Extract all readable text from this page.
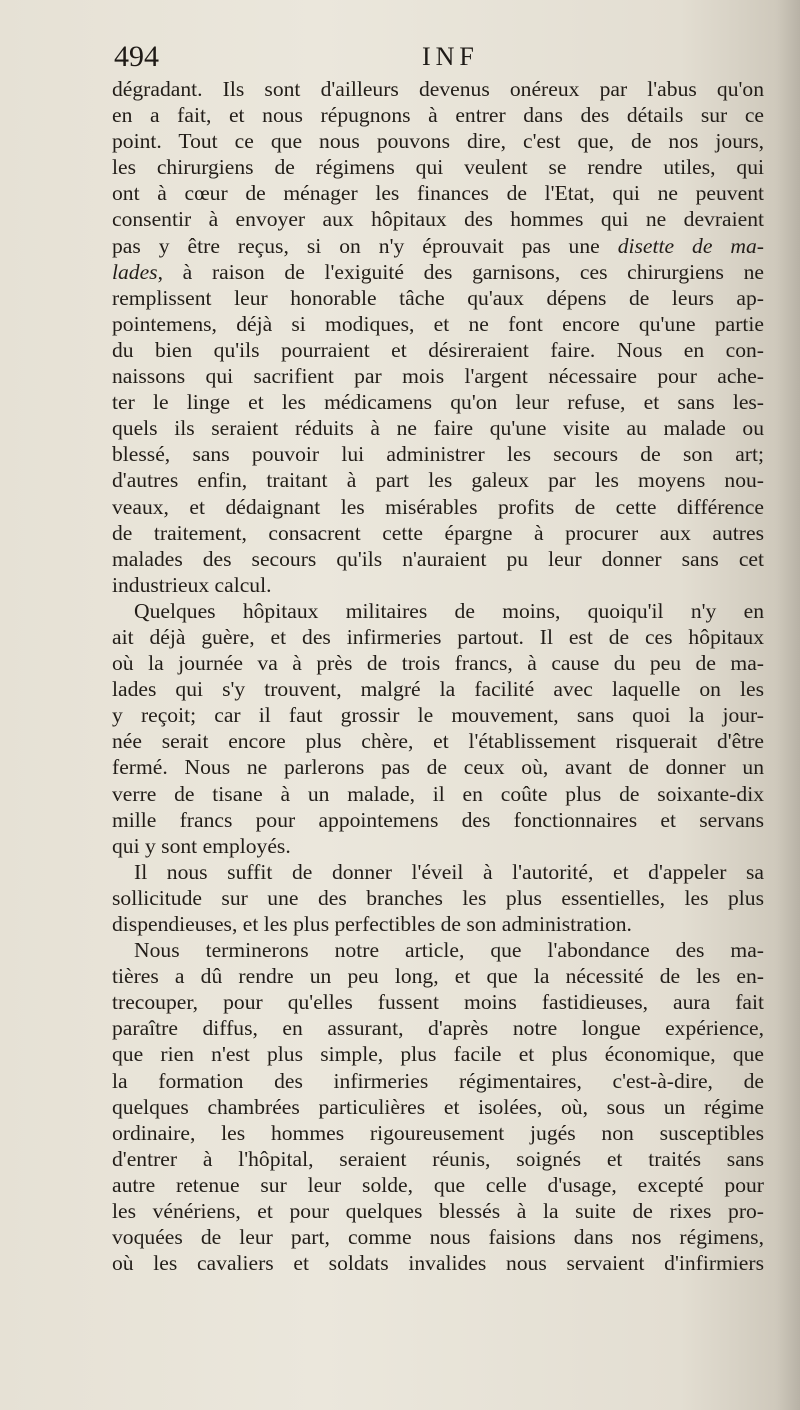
494	INF
dégradant. Ils sont d'ailleurs devenus onéreux par l'abus qu'on
en a fait, et nous répugnons à entrer dans des détails sur ce
point. Tout ce que nous pouvons dire, c'est que, de nos jours,
les chirurgiens de régimens qui veulent se rendre utiles, qui
ont à cœur de ménager les finances de l'Etat, qui ne peuvent
consentir à envoyer aux hôpitaux des hommes qui ne devraient
pas y être reçus, si on n'y éprouvait pas une disette de ma-
lades, à raison de l'exiguité des garnisons, ces chirurgiens ne
remplissent leur honorable tâche qu'aux dépens de leurs ap-
pointemens, déjà si modiques, et ne font encore qu'une partie
du bien qu'ils pourraient et désireraient faire. Nous en con-
naissons qui sacrifient par mois l'argent nécessaire pour ache-
ter le linge et les médicamens qu'on leur refuse, et sans les-
quels ils seraient réduits à ne faire qu'une visite au malade ou
blessé, sans pouvoir lui administrer les secours de son art;
d'autres enfin, traitant à part les galeux par les moyens nou-
veaux, et dédaignant les misérables profits de cette différence
de traitement, consacrent cette épargne à procurer aux autres
malades des secours qu'ils n'auraient pu leur donner sans cet
industrieux calcul.
Quelques hôpitaux militaires de moins, quoiqu'il n'y en
ait déjà guère, et des infirmeries partout. Il est de ces hôpitaux
où la journée va à près de trois francs, à cause du peu de ma-
lades qui s'y trouvent, malgré la facilité avec laquelle on les
y reçoit; car il faut grossir le mouvement, sans quoi la jour-
née serait encore plus chère, et l'établissement risquerait d'être
fermé. Nous ne parlerons pas de ceux où, avant de donner un
verre de tisane à un malade, il en coûte plus de soixante-dix
mille francs pour appointemens des fonctionnaires et servans
qui y sont employés.
Il nous suffit de donner l'éveil à l'autorité, et d'appeler sa
sollicitude sur une des branches les plus essentielles, les plus
dispendieuses, et les plus perfectibles de son administration.
Nous terminerons notre article, que l'abondance des ma-
tières a dû rendre un peu long, et que la nécessité de les en-
trecouper, pour qu'elles fussent moins fastidieuses, aura fait
paraître diffus, en assurant, d'après notre longue expérience,
que rien n'est plus simple, plus facile et plus économique, que
la formation des infirmeries régimentaires, c'est-à-dire, de
quelques chambrées particulières et isolées, où, sous un régime
ordinaire, les hommes rigoureusement jugés non susceptibles
d'entrer à l'hôpital, seraient réunis, soignés et traités sans
autre retenue sur leur solde, que celle d'usage, excepté pour
les vénériens, et pour quelques blessés à la suite de rixes pro-
voquées de leur part, comme nous faisions dans nos régimens,
où les cavaliers et soldats invalides nous servaient d'infirmiers
